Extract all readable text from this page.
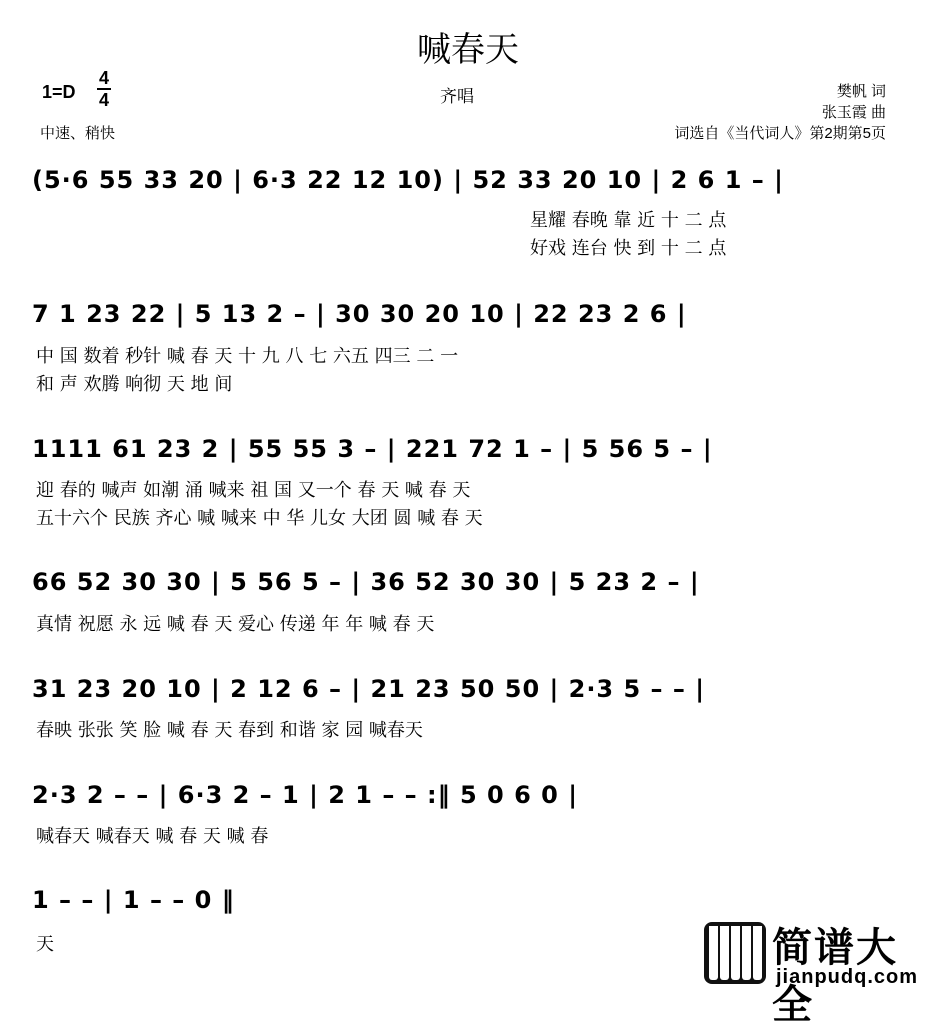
喊春天
1=D
4
4
中速、稍快
齐唱	樊帆 词
张玉霞 曲
词选自《当代词人》第2期第5页
(5·6 55 33 20 | 6·3 22 12 10) | 52 33 20 10 | 2 6 1 – |
星耀 春晚 靠 近 十 二 点
好戏 连台 快 到 十 二 点
7 1 23 22 | 5 13 2 – | 30 30 20 10 | 22 23 2 6 |
中 国 数着 秒针 喊 春 天 十 九 八 七 六五 四三 二 一
和 声 欢腾 响彻 天 地 间
1111 61 23 2 | 55 55 3 – | 221 72 1 – | 5 56 5 – |
迎 春的 喊声 如潮 涌 喊来 祖 国 又一个 春 天 喊 春 天
五十六个 民族 齐心 喊 喊来 中 华 儿女 大团 圆 喊 春 天
66 52 30 30 | 5 56 5 – | 36 52 30 30 | 5 23 2 – |
真情 祝愿 永 远 喊 春 天 爱心 传递 年 年 喊 春 天
31 23 20 10 | 2 12 6 – | 21 23 50 50 | 2·3 5 – – |
春映 张张 笑 脸 喊 春 天 春到 和谐 家 园 喊春天
2·3 2 – – | 6·3 2 – 1 | 2 1 – – :‖ 5 0 6 0 |
喊春天 喊春天 喊 春 天 喊 春
1 – – | 1 – – 0 ‖
天	简谱大全
jianpudq.com
